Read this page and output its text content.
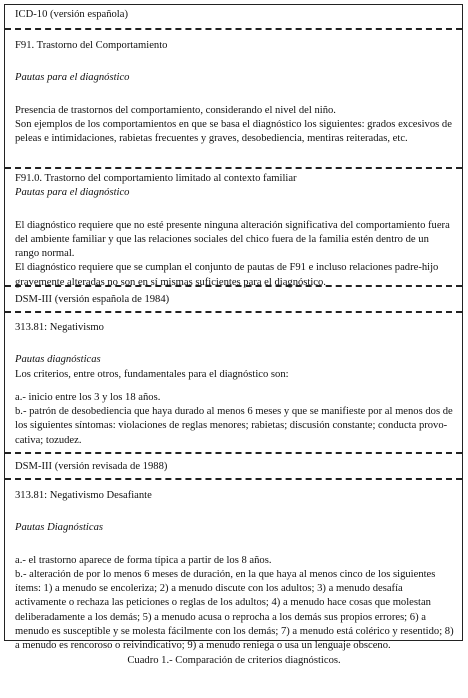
ICD-10 (versión española)

F91. Trastorno del Comportamiento

Pautas para el diagnóstico

Presencia de trastornos del comportamiento, considerando el nivel del niño.

Son ejemplos de los comportamientos en que se basa el diagnóstico los siguientes: grados excesivos de peleas e intimidaciones, rabietas frecuentes y graves, desobediencia, mentiras reiteradas, etc.

F91.0. Trastorno del comportamiento limitado al contexto familiar

Pautas para el diagnóstico

El diagnóstico requiere que no esté presente ninguna alteración significativa del comportamiento fuera del ambiente familiar y que las relaciones sociales del chico fuera de la familia estén dentro de un rango normal.

El diagnóstico requiere que se cumplan el conjunto de pautas de F91 e incluso relaciones padre-hijo gravemente alteradas no son en sí mismas suficientes para el diagnóstico.

DSM-III (versión española de 1984)

313.81: Negativismo

Pautas diagnósticas

Los criterios, entre otros, fundamentales para el diagnóstico son:

a.- inicio entre los 3 y los 18 años.

b.- patrón de desobediencia que haya durado al menos 6 meses y que se manifieste por al menos dos de los siguientes síntomas: violaciones de reglas menores; rabietas; discusión constante; conducta provo-cativa; tozudez.

DSM-III (versión revisada de 1988)

313.81: Negativismo Desafiante

Pautas Diagnósticas

a.- el trastorno aparece de forma típica a partir de los 8 años.

b.- alteración de por lo menos 6 meses de duración, en la que haya al menos cinco de los siguientes ítems: 1) a menudo se encoleriza; 2) a menudo discute con los adultos; 3) a menudo desafía activamente o rechaza las peticiones o reglas de los adultos; 4) a menudo hace cosas que molestan deliberadamente a los demás; 5) a menudo acusa o reprocha a los demás sus propios errores; 6) a menudo es susceptible y se molesta fácilmente con los demás; 7) a menudo está colérico y resentido; 8) a menudo es rencoroso o reivindicativo; 9) a menudo reniega o usa un lenguaje obsceno.

Cuadro 1.- Comparación de criterios diagnósticos.
